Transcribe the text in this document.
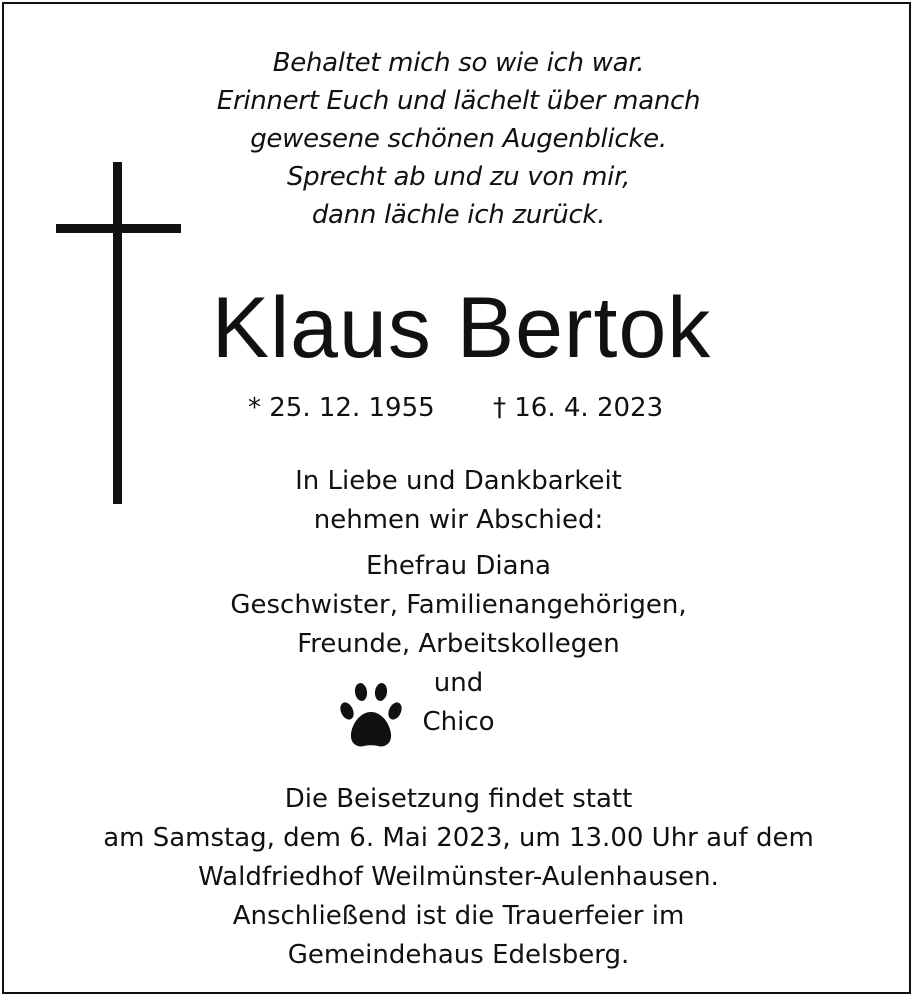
Behaltet mich so wie ich war.
Erinnert Euch und lächelt über manch
gewesene schönen Augenblicke.
Sprecht ab und zu von mir,
dann lächle ich zurück.
Klaus Bertok
* 25. 12. 1955 † 16. 4. 2023
In Liebe und Dankbarkeit
nehmen wir Abschied:
Ehefrau Diana
Geschwister, Familienangehörigen,
Freunde, Arbeitskollegen
und
Chico
Die Beisetzung findet statt
am Samstag, dem 6. Mai 2023, um 13.00 Uhr auf dem
Waldfriedhof Weilmünster-Aulenhausen.
Anschließend ist die Trauerfeier im
Gemeindehaus Edelsberg.
